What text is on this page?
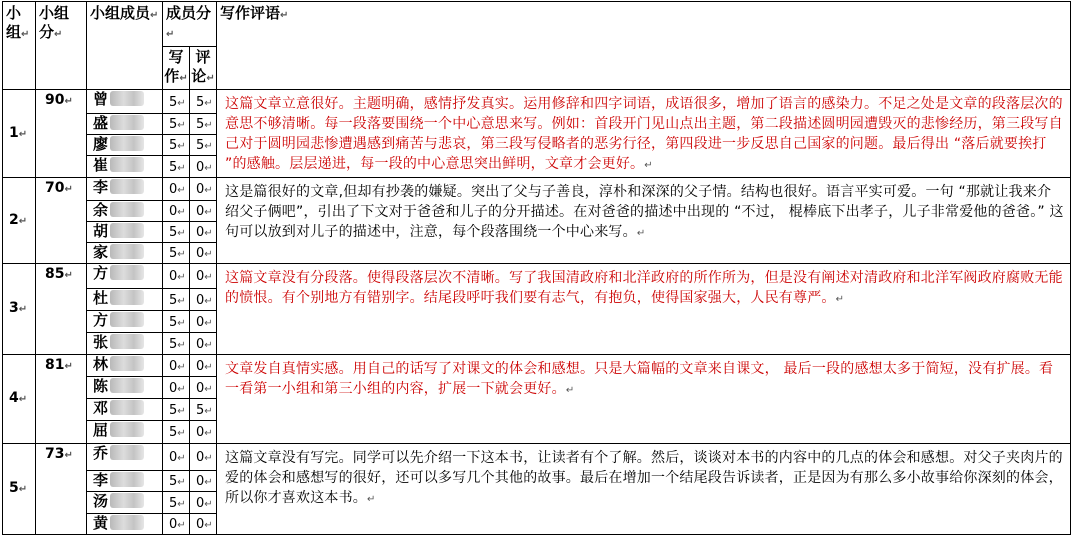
小组↵	小组分↵	小组成员↵	成员分↵		写作评语↵
			写作↵	评论↵	
1↵	90↵	曾	5↵	5↵	这篇文章立意很好。主题明确，感情抒发真实。运用修辞和四字词语，成语很多，增加了语言的感染力。不足之处是文章的段落层次的意思不够清晰。每一段落要围绕一个中心意思来写。例如：首段开门见山点出主题，第二段描述圆明园遭毁灭的悲惨经历，第三段写自己对于圆明园悲惨遭遇感到痛苦与悲哀，第三段写侵略者的恶劣行径，第四段进一步反思自己国家的问题。最后得出 “落后就要挨打 ”的感触。层层递进，每一段的中心意思突出鲜明，文章才会更好。↵
		盛	5↵	5↵	
		廖	5↵	5↵	
		崔	5↵	0↵	
2↵	70↵	李	0↵	0↵	这是篇很好的文章,但却有抄袭的嫌疑。突出了父与子善良，淳朴和深深的父子情。结构也很好。语言平实可爱。一句 “那就让我来介绍父子俩吧”，引出了下文对于爸爸和儿子的分开描述。在对爸爸的描述中出现的 “不过， 棍棒底下出孝子，儿子非常爱他的爸爸。” 这句可以放到对儿子的描述中，注意，每个段落围绕一个中心来写。↵
		余	0↵	0↵	
		胡	5↵	0↵	
		家	5↵	0↵	
3↵	85↵	方	0↵	0↵	这篇文章没有分段落。使得段落层次不清晰。写了我国清政府和北洋政府的所作所为，但是没有阐述对清政府和北洋军阀政府腐败无能的愤恨。有个别地方有错别字。结尾段呼吁我们要有志气，有抱负，使得国家强大，人民有尊严。↵
		杜	5↵	0↵	
		方	5↵	0↵	
		张	5↵	0↵	
4↵	81↵	林	0↵	0↵	文章发自真情实感。用自己的话写了对课文的体会和感想。只是大篇幅的文章来自课文， 最后一段的感想太多于简短，没有扩展。看一看第一小组和第三小组的内容，扩展一下就会更好。↵
		陈	0↵	0↵	
		邓	5↵	5↵	
		屈	5↵	0↵	
5↵	73↵	乔	0↵	0↵	这篇文章没有写完。同学可以先介绍一下这本书，让读者有个了解。然后，谈谈对本书的内容中的几点的体会和感想。对父子夹肉片的爱的体会和感想写的很好，还可以多写几个其他的故事。最后在增加一个结尾段告诉读者，正是因为有那么多小故事给你深刻的体会，所以你才喜欢这本书。↵
		李	5↵	0↵	
		汤	5↵	0↵	
		黄	0↵	0↵	
